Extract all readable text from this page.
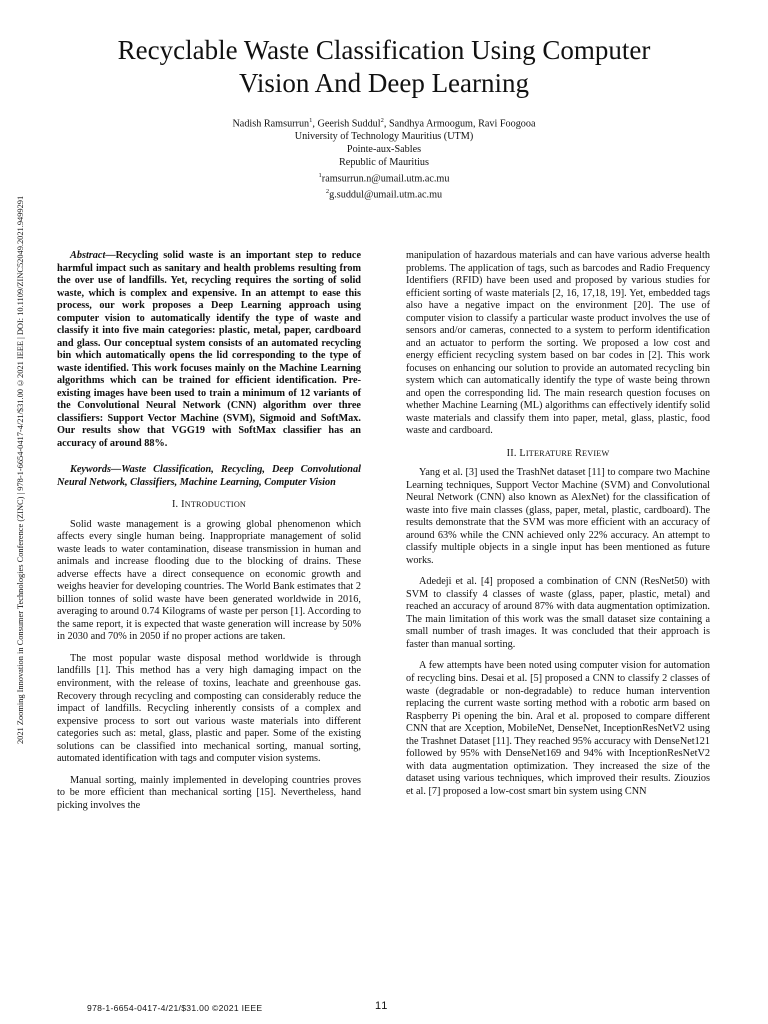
Recyclable Waste Classification Using Computer
Vision And Deep Learning
Nadish Ramsurrun$^1$, Geerish Suddul$^2$, Sandhya Armoogum, Ravi Foogooa
University of Technology Mauritius (UTM)
Pointe-aux-Sables
Republic of Mauritius
$^1$ramsurrun.n@umail.utm.ac.mu
$^2$g.suddul@umail.utm.ac.mu
2021 Zooming Innovation in Consumer Technologies Conference (ZINC) | 978-1-6654-0417-4/21/$31.00 ©2021 IEEE | DOI: 10.1109/ZINC52049.2021.9499291	Abstract—Recycling solid waste is an important step to reduce harmful impact such as sanitary and health problems resulting from the over use of landfills. Yet, recycling requires the sorting of solid waste, which is complex and expensive. In an attempt to ease this process, our work proposes a Deep Learning approach using computer vision to automatically identify the type of waste and classify it into five main categories: plastic, metal, paper, cardboard and glass. Our conceptual system consists of an automated recycling bin which automatically opens the lid corresponding to the type of waste identified. This work focuses mainly on the Machine Learning algorithms which can be trained for efficient identification. Pre-existing images have been used to train a minimum of 12 variants of the Convolutional Neural Network (CNN) algorithm over three classifiers: Support Vector Machine (SVM), Sigmoid and SoftMax. Our results show that VGG19 with SoftMax classifier has an accuracy of around 88%.

Keywords—Waste Classification, Recycling, Deep Convolutional Neural Network, Classifiers, Machine Learning, Computer Vision

I. INTRODUCTION

Solid waste management is a growing global phenomenon which affects every single human being. Inappropriate management of solid waste leads to water contamination, disease transmission in human and animals and increase flooding due to the blocking of drains. These adverse effects have a direct consequence on economic growth and weighs heavier for developing countries. The World Bank estimates that 2 billion tonnes of solid waste have been generated worldwide in 2016, averaging to around 0.74 Kilograms of waste per person [1]. According to the same report, it is expected that waste generation will increase by 50% in 2030 and 70% in 2050 if no proper actions are taken.

The most popular waste disposal method worldwide is through landfills [1]. This method has a very high damaging impact on the environment, with the release of toxins, leachate and greenhouse gas. Recovery through recycling and composting can considerably reduce the impact of landfills. Recycling inherently consists of a complex and expensive process to sort out various waste materials into different categories such as: metal, glass, plastic and paper. Some of the existing solutions can be classified into mechanical sorting, manual sorting, automated identification with tags and computer vision systems.

Manual sorting, mainly implemented in developing countries proves to be more efficient than mechanical sorting [15]. Nevertheless, hand picking involves the

manipulation of hazardous materials and can have various adverse health problems. The application of tags, such as barcodes and Radio Frequency Identifiers (RFID) have been used and proposed by various studies for efficient sorting of waste materials [2, 16, 17,18, 19]. Yet, embedded tags also have a negative impact on the environment [20]. The use of computer vision to classify a particular waste product involves the use of sensors and/or cameras, connected to a system to perform identification and an actuator to perform the sorting. We proposed a low cost and energy efficient recycling system based on bar codes in [2]. This work focuses on enhancing our solution to provide an automated recycling bin system which can automatically identify the type of waste being thrown and open the corresponding lid. The main research question focuses on whether Machine Learning (ML) algorithms can effectively identify solid waste materials and classify them into paper, metal, glass, plastic, food waste and cardboard.

II. LITERATURE REVIEW

Yang et al. [3] used the TrashNet dataset [11] to compare two Machine Learning techniques, Support Vector Machine (SVM) and Convolutional Neural Network (CNN) also known as AlexNet) for the classification of waste into five main classes (glass, paper, metal, plastic, cardboard). The results demonstrate that the SVM was more efficient with an accuracy of around 63% while the CNN achieved only 22% accuracy. An attempt to classify multiple objects in a single input has been mentioned as future works.

Adedeji et al. [4] proposed a combination of CNN (ResNet50) with SVM to classify 4 classes of waste (glass, paper, plastic, metal) and reached an accuracy of around 87% with data augmentation optimization. The main limitation of this work was the small dataset size containing a small number of trash images. It was concluded that their approach is faster than manual sorting.

A few attempts have been noted using computer vision for automation of recycling bins. Desai et al. [5] proposed a CNN to classify 2 classes of waste (degradable or non-degradable) to reduce human intervention replacing the current waste sorting method with a robotic arm based on Raspberry Pi opening the bin. Aral et al. proposed to compare different CNN that are Xception, MobileNet, DenseNet, InceptionResNetV2 using the Trashnet Dataset [11]. They reached 95% accuracy with DenseNet121 followed by 95% with DenseNet169 and 94% with InceptionResNetV2 with data augmentation optimization. They increased the size of the dataset using various techniques, which improved their results. Ziouzios et al. [7] proposed a low-cost smart bin system using CNN

978-1-6654-0417-4/21/$31.00 ©2021 IEEE	11
